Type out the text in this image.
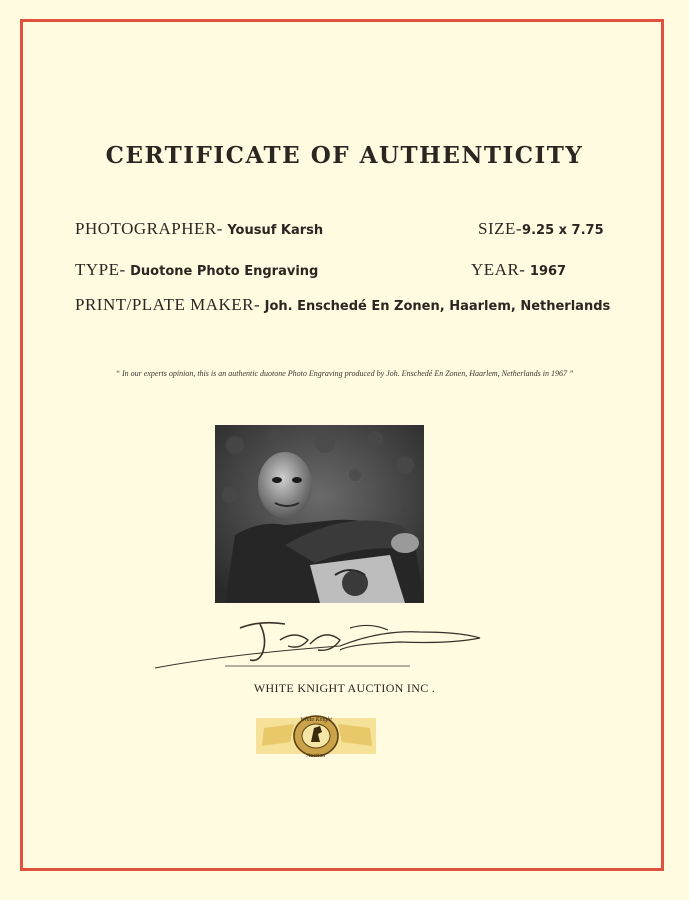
CERTIFICATE OF AUTHENTICITY
PHOTOGRAPHER- Yousuf Karsh	SIZE-9.25 x 7.75
TYPE- Duotone Photo Engraving	YEAR- 1967
PRINT/PLATE MAKER- Joh. Enschedé En Zonen, Haarlem, Netherlands
“ In our experts opinion, this is an authentic duotone Photo Engraving produced by Joh. Enschedé En Zonen, Haarlem, Netherlands in 1967 ”
WHITE KNIGHT AUCTION INC .
White Knight
Auction
